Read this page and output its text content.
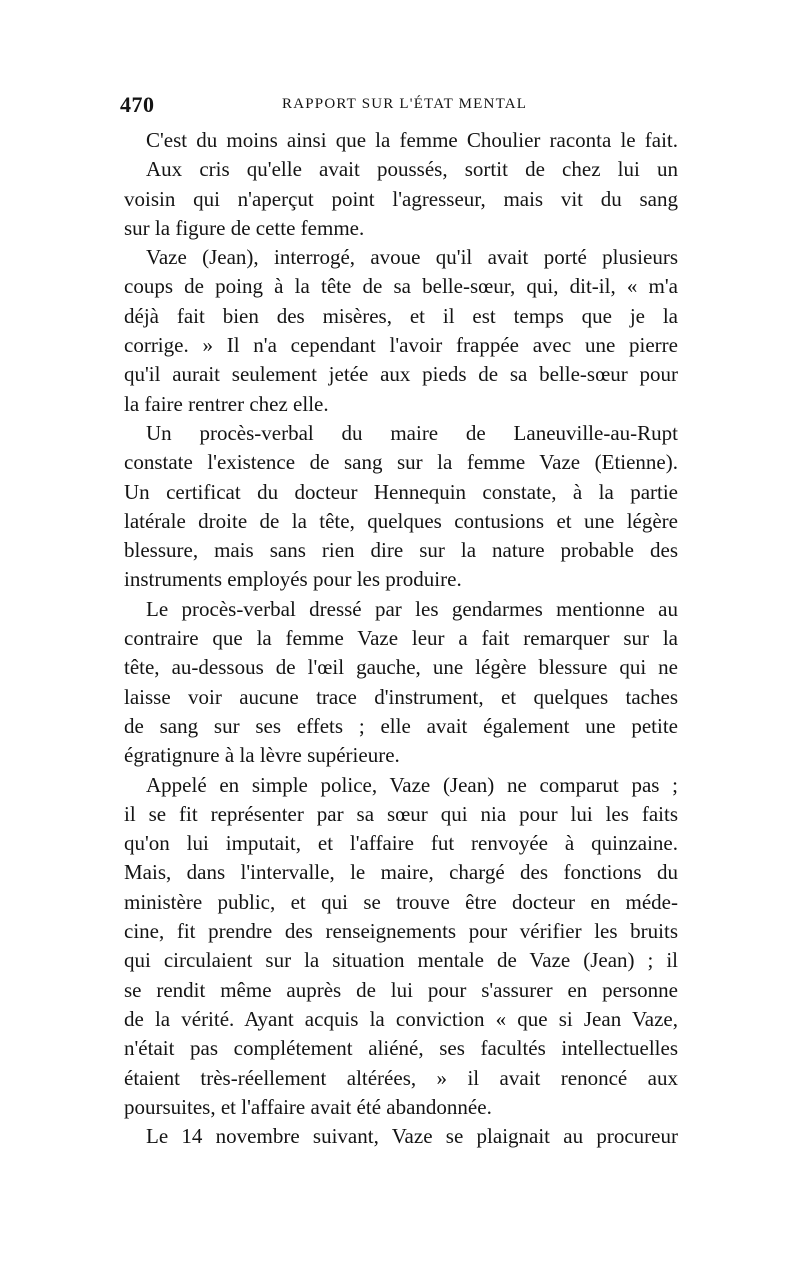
470	RAPPORT SUR L'ÉTAT MENTAL
C'est du moins ainsi que la femme Choulier raconta le fait.
Aux cris qu'elle avait poussés, sortit de chez lui un
voisin qui n'aperçut point l'agresseur, mais vit du sang
sur la figure de cette femme.
Vaze (Jean), interrogé, avoue qu'il avait porté plusieurs
coups de poing à la tête de sa belle-sœur, qui, dit-il, « m'a
déjà fait bien des misères, et il est temps que je la
corrige. » Il n'a cependant l'avoir frappée avec une pierre
qu'il aurait seulement jetée aux pieds de sa belle-sœur pour
la faire rentrer chez elle.
Un procès-verbal du maire de Laneuville-au-Rupt
constate l'existence de sang sur la femme Vaze (Etienne).
Un certificat du docteur Hennequin constate, à la partie
latérale droite de la tête, quelques contusions et une légère
blessure, mais sans rien dire sur la nature probable des
instruments employés pour les produire.
Le procès-verbal dressé par les gendarmes mentionne au
contraire que la femme Vaze leur a fait remarquer sur la
tête, au-dessous de l'œil gauche, une légère blessure qui ne
laisse voir aucune trace d'instrument, et quelques taches
de sang sur ses effets ; elle avait également une petite
égratignure à la lèvre supérieure.
Appelé en simple police, Vaze (Jean) ne comparut pas ;
il se fit représenter par sa sœur qui nia pour lui les faits
qu'on lui imputait, et l'affaire fut renvoyée à quinzaine.
Mais, dans l'intervalle, le maire, chargé des fonctions du
ministère public, et qui se trouve être docteur en méde-
cine, fit prendre des renseignements pour vérifier les bruits
qui circulaient sur la situation mentale de Vaze (Jean) ; il
se rendit même auprès de lui pour s'assurer en personne
de la vérité. Ayant acquis la conviction « que si Jean Vaze,
n'était pas complétement aliéné, ses facultés intellectuelles
étaient très-réellement altérées, » il avait renoncé aux
poursuites, et l'affaire avait été abandonnée.
Le 14 novembre suivant, Vaze se plaignait au procureur
